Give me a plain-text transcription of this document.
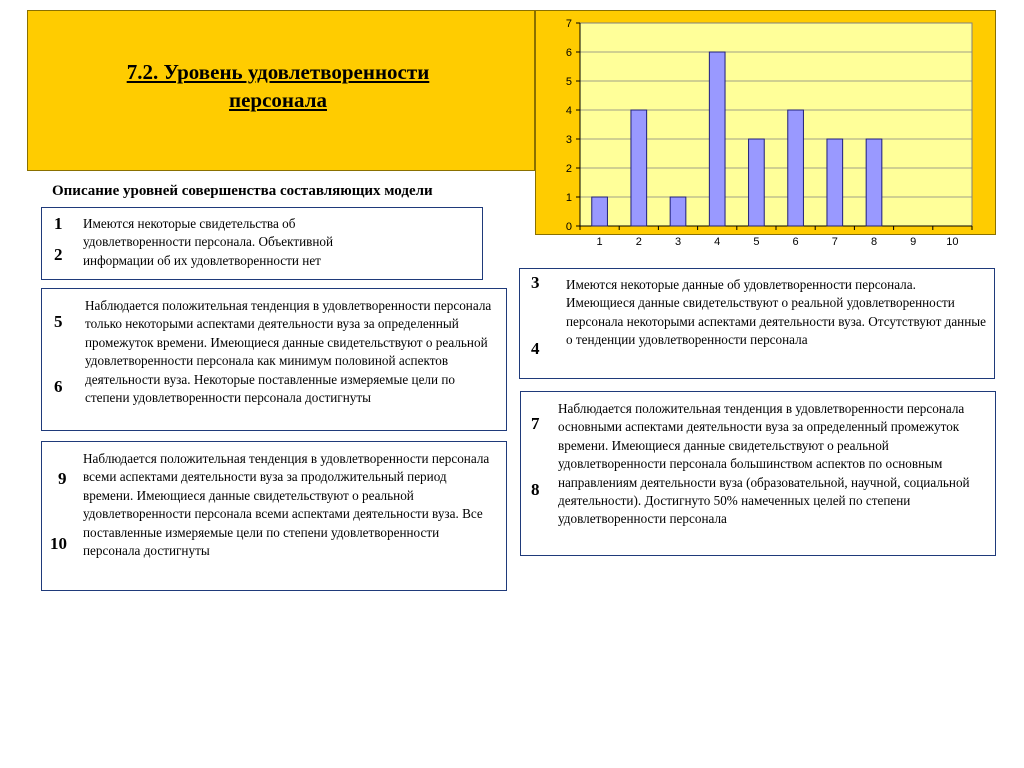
7.2. Уровень удовлетворенности персонала
0
1
2
3
4
5
6
7
1	2	3	4	5	6	7	8	9	10
Описание уровней совершенства составляющих модели
1
2
Имеются некоторые свидетельства об удовлетворенности персонала. Объективной информации об их удовлетворенности нет
3
4
Имеются некоторые данные об удовлетворенности персонала. Имеющиеся данные свидетельствуют о реальной удовлетворенности персонала некоторыми аспектами деятельности вуза. Отсутствуют данные о тенденции удовлетворенности персонала
5
6
Наблюдается положительная тенденция в удовлетворенности персонала только некоторыми аспектами деятельности вуза за определенный промежуток времени. Имеющиеся данные свидетельствуют о реальной удовлетворенности персонала как минимум половиной аспектов деятельности вуза. Некоторые поставленные измеряемые цели по степени удовлетворенности персонала достигнуты
7
8
Наблюдается положительная тенденция в удовлетворенности персонала основными аспектами деятельности вуза за определенный промежуток времени. Имеющиеся данные свидетельствуют о реальной удовлетворенности персонала большинством аспектов по основным направлениям деятельности вуза (образовательной, научной, социальной деятельности). Достигнуто 50% намеченных целей по степени удовлетворенности персонала
9
10
Наблюдается положительная тенденция в удовлетворенности персонала всеми аспектами деятельности вуза за продолжительный период времени. Имеющиеся данные свидетельствуют о реальной удовлетворенности персонала всеми аспектами деятельности вуза. Все поставленные измеряемые цели по степени удовлетворенности персонала достигнуты
